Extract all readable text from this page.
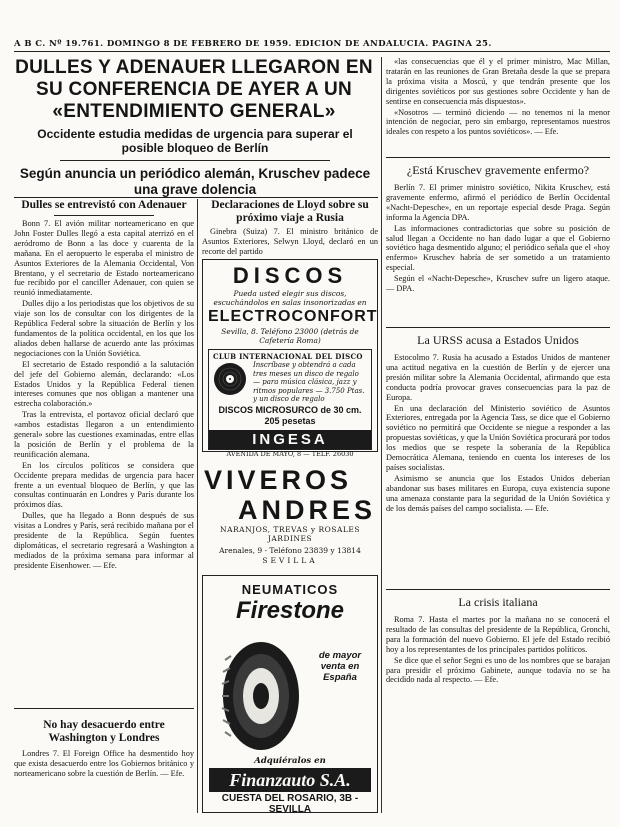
A B C. Nº 19.761. DOMINGO 8 DE FEBRERO DE 1959. EDICION DE ANDALUCIA. PAGINA 25.
DULLES Y ADENAUER LLEGARON EN SU CONFERENCIA DE AYER A UN «ENTENDIMIENTO GENERAL»
Occidente estudia medidas de urgencia para superar el posible bloqueo de Berlín
Según anuncia un periódico alemán, Kruschev padece una grave dolencia
Dulles se entrevistó con Adenauer

Bonn 7. El avión militar norteamericano en que John Foster Dulles llegó a esta capital aterrizó en el aeródromo de Bonn a las doce y cuarenta de la mañana. En el aeropuerto le esperaba el ministro de Asuntos Exteriores de la Alemania Occidental, Von Brentano, y el secretario de Estado norteamericano fue recibido por el canciller Adenauer, con quien se reunió inmediatamente.

Dulles dijo a los periodistas que los objetivos de su viaje son los de consultar con los dirigentes de la República Federal sobre la situación de Berlín y los fundamentos de la política occidental, en los que los aliados deben hallarse de acuerdo ante las próximas negociaciones con la Unión Soviética.

El secretario de Estado respondió a la salutación del jefe del Gobierno alemán, declarando: «Los Estados Unidos y la República Federal tienen intereses comunes que nos obligan a mantener una estrecha colaboración.»

Tras la entrevista, el portavoz oficial declaró que «ambos estadistas llegaron a un entendimiento general» sobre las cuestiones examinadas, entre ellas la posición de Berlín y el problema de la reunificación alemana.

En los círculos políticos se considera que Occidente prepara medidas de urgencia para hacer frente a un eventual bloqueo de Berlín, y que las consultas continuarán en Londres y París durante los próximos días.

Dulles, que ha llegado a Bonn después de sus visitas a Londres y París, será recibido mañana por el presidente de la República. Según fuentes diplomáticas, el secretario regresará a Washington a mediados de la próxima semana para informar al presidente Eisenhower. — Efe.

No hay desacuerdo entre Washington y Londres

Londres 7. El Foreign Office ha desmentido hoy que exista desacuerdo entre los Gobiernos británico y norteamericano sobre la cuestión de Berlín. — Efe.

Declaraciones de Lloyd sobre su próximo viaje a Rusia

Ginebra (Suiza) 7. El ministro británico de Asuntos Exteriores, Selwyn Lloyd, declaró en un recorte del partido

DISCOS
Pueda usted elegir sus discos, escuchándolos en salas insonorizadas en
ELECTROCONFORT
Sevilla, 8. Teléfono 23000 (detrás de Cafetería Roma)
CLUB INTERNACIONAL DEL DISCO
Inscríbase y obtendrá a cada tres meses un disco de regalo — para música clásica, jazz y ritmos populares — 3.750 Ptas. y un disco de regalo
DISCOS MICROSURCO de 30 cm. 205 pesetas
INGESA
AVENIDA DE MAYO, 8 — TELF. 26030
VIVEROS
ANDRES
NARANJOS, TREVAS y ROSALES JARDINES
Arenales, 9 - Teléfono 23839 y 13814
SEVILLA
NEUMATICOS
Firestone
de mayor venta en España
Adquiéralos en
Finanzauto S.A.
CUESTA DEL ROSARIO, 3B - SEVILLA

«las consecuencias que él y el primer ministro, Mac Millan, tratarán en las reuniones de Gran Bretaña desde la que se prepara la próxima visita a Moscú, y que tendrán presente que los dirigentes soviéticos por sus gestiones sobre Occidente y han de sentirse en consecuencia más dispuestos».

«Nosotros — terminó diciendo — no tenemos ni la menor intención de negociar, pero sin embargo, representamos nuestros ideales con respeto a los puntos soviéticos». — Efe.

¿Está Kruschev gravemente enfermo?

Berlín 7. El primer ministro soviético, Nikita Kruschev, está gravemente enfermo, afirmó el periódico de Berlín Occidental «Nacht-Depesche», en un reportaje especial desde Praga. Según informa la Agencia DPA.

Las informaciones contradictorias que sobre su posición de salud llegan a Occidente no han dado lugar a que el Gobierno soviético haga desmentido alguno; el periódico señala que el «hoy enfermo» Kruschev habría de ser sometido a un tratamiento especial.

Según el «Nacht-Depesche», Kruschev sufre un ligero ataque. — DPA.

La URSS acusa a Estados Unidos

Estocolmo 7. Rusia ha acusado a Estados Unidos de mantener una actitud negativa en la cuestión de Berlín y de ejercer una presión militar sobre la Alemania Occidental, afirmando que esta conducta podría provocar graves consecuencias para la paz de Europa.

En una declaración del Ministerio soviético de Asuntos Exteriores, entregada por la Agencia Tass, se dice que el Gobierno soviético no permitirá que Occidente se niegue a responder a las propuestas soviéticas, y que la Unión Soviética procurará por todos los medios que se respete la soberanía de la República Democrática Alemana, teniendo en cuenta los intereses de los países socialistas.

Asimismo se anuncia que los Estados Unidos deberían abandonar sus bases militares en Europa, cuya existencia supone una amenaza constante para la seguridad de la Unión Soviética y de los demás países del campo socialista. — Efe.

La crisis italiana

Roma 7. Hasta el martes por la mañana no se conocerá el resultado de las consultas del presidente de la República, Gronchi, para la formación del nuevo Gobierno. El jefe del Estado recibió hoy a los representantes de los principales partidos políticos.

Se dice que el señor Segni es uno de los nombres que se barajan para presidir el próximo Gabinete, aunque todavía no se ha decidido nada al respecto. — Efe.
